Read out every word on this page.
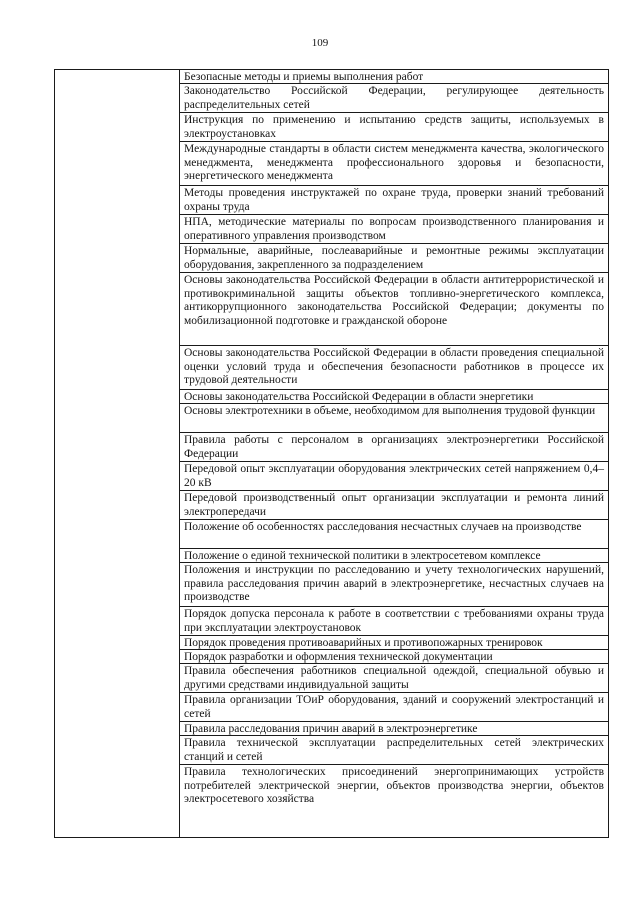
109
Безопасные методы и приемы выполнения работ
Законодательство Российской Федерации, регулирующее деятельность распределительных сетей
Инструкция по применению и испытанию средств защиты, используемых в электроустановках
Международные стандарты в области систем менеджмента качества, экологического менеджмента, менеджмента профессионального здоровья и безопасности, энергетического менеджмента
Методы проведения инструктажей по охране труда, проверки знаний требований охраны труда
НПА, методические материалы по вопросам производственного планирования и оперативного управления производством
Нормальные, аварийные, послеаварийные и ремонтные режимы эксплуатации оборудования, закрепленного за подразделением
Основы законодательства Российской Федерации в области антитеррористической и противокриминальной защиты объектов топливно-энергетического комплекса, антикоррупционного законодательства Российской Федерации; документы по мобилизационной подготовке и гражданской обороне
Основы законодательства Российской Федерации в области проведения специальной оценки условий труда и обеспечения безопасности работников в процессе их трудовой деятельности
Основы законодательства Российской Федерации в области энергетики
Основы электротехники в объеме, необходимом для выполнения трудовой функции
Правила работы с персоналом в организациях электроэнергетики Российской Федерации
Передовой опыт эксплуатации оборудования электрических сетей напряжением 0,4–20 кВ
Передовой производственный опыт организации эксплуатации и ремонта линий электропередачи
Положение об особенностях расследования несчастных случаев на производстве
Положение о единой технической политики в электросетевом комплексе
Положения и инструкции по расследованию и учету технологических нарушений, правила расследования причин аварий в электроэнергетике, несчастных случаев на производстве
Порядок допуска персонала к работе в соответствии с требованиями охраны труда при эксплуатации электроустановок
Порядок проведения противоаварийных и противопожарных тренировок
Порядок разработки и оформления технической документации
Правила обеспечения работников специальной одеждой, специальной обувью и другими средствами индивидуальной защиты
Правила организации ТОиР оборудования, зданий и сооружений электростанций и сетей
Правила расследования причин аварий в электроэнергетике
Правила технической эксплуатации распределительных сетей электрических станций и сетей
Правила технологических присоединений энергопринимающих устройств потребителей электрической энергии, объектов производства энергии, объектов электросетевого хозяйства
